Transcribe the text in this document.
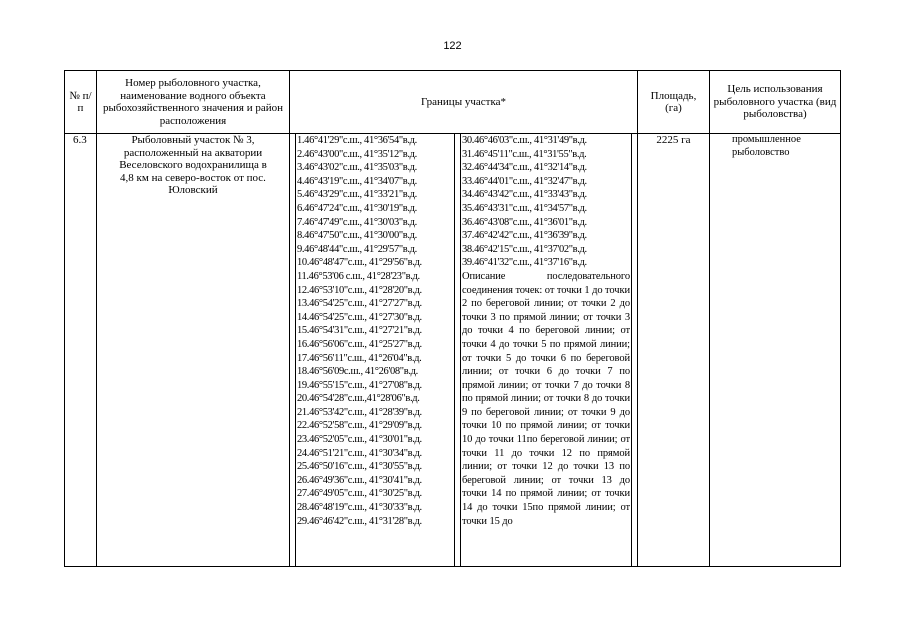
122
№ п/п
Номер рыболовного участка, наименование водного объекта рыбохозяйственного значения и район расположения
Границы участка*
Площадь, (га)
Цель использования рыболовного участка (вид рыболовства)
6.3	Рыболовный участок № 3, расположенный на акватории Веселовского водохранилища в 4,8 км на северо-восток от пос. Юловский
1.46°41'29"с.ш., 41°36'54"в.д.
2.46°43'00"с.ш., 41°35'12"в.д.
3.46°43'02"с.ш., 41°35'03"в.д.
4.46°43'19"с.ш., 41°34'07"в.д.
5.46°43'29"с.ш., 41°33'21"в.д.
6.46°47'24"с.ш., 41°30'19"в.д.
7.46°47'49"с.ш., 41°30'03"в.д.
8.46°47'50"с.ш., 41°30'00"в.д.
9.46°48'44"с.ш., 41°29'57"в.д.
10.46°48'47"с.ш., 41°29'56"в.д.
11.46°53'06 с.ш., 41°28'23"в.д.
12.46°53'10"с.ш., 41°28'20"в.д.
13.46°54'25"с.ш., 41°27'27"в.д.
14.46°54'25"с.ш., 41°27'30"в.д.
15.46°54'31"с.ш., 41°27'21"в.д.
16.46°56'06"с.ш., 41°25'27"в.д.
17.46°56'11"с.ш., 41°26'04"в.д.
18.46°56'09с.ш., 41°26'08"в.д.
19.46°55'15"с.ш., 41°27'08"в.д.
20.46°54'28"с.ш.,41°28'06"в.д.
21.46°53'42"с.ш., 41°28'39"в.д.
22.46°52'58"с.ш., 41°29'09"в.д.
23.46°52'05"с.ш., 41°30'01"в.д.
24.46°51'21"с.ш., 41°30'34"в.д.
25.46°50'16"с.ш., 41°30'55"в.д.
26.46°49'36"с.ш., 41°30'41"в.д.
27.46°49'05"с.ш., 41°30'25"в.д.
28.46°48'19"с.ш., 41°30'33"в.д.
29.46°46'42"с.ш., 41°31'28"в.д.
30.46°46'03"с.ш., 41°31'49"в.д.
31.46°45'11"с.ш., 41°31'55"в.д.
32.46°44'34"с.ш., 41°32'14"в.д.
33.46°44'01"с.ш., 41°32'47"в.д.
34.46°43'42"с.ш., 41°33'43"в.д.
35.46°43'31"с.ш., 41°34'57"в.д.
36.46°43'08"с.ш., 41°36'01"в.д.
37.46°42'42"с.ш., 41°36'39"в.д.
38.46°42'15"с.ш., 41°37'02"в.д.
39.46°41'32"с.ш., 41°37'16"в.д.
Описание последовательного соединения точек: от точки 1 до точки 2 по береговой линии; от точки 2 до точки 3 по прямой линии; от точки 3 до точки 4 по береговой линии; от точки 4 до точки 5 по прямой линии; от точки 5 до точки 6 по береговой линии; от точки 6 до точки 7 по прямой линии; от точки 7 до точки 8 по прямой линии; от точки 8 до точки 9 по береговой линии; от точки 9 до точки 10 по прямой линии; от точки 10 до точки 11по береговой линии; от точки 11 до точки 12 по прямой линии; от точки 12 до точки 13 по береговой линии; от точки 13 до точки 14 по прямой линии; от точки 14 до точки 15по прямой линии; от точки 15 до
2225 га	промышленное рыболовство
